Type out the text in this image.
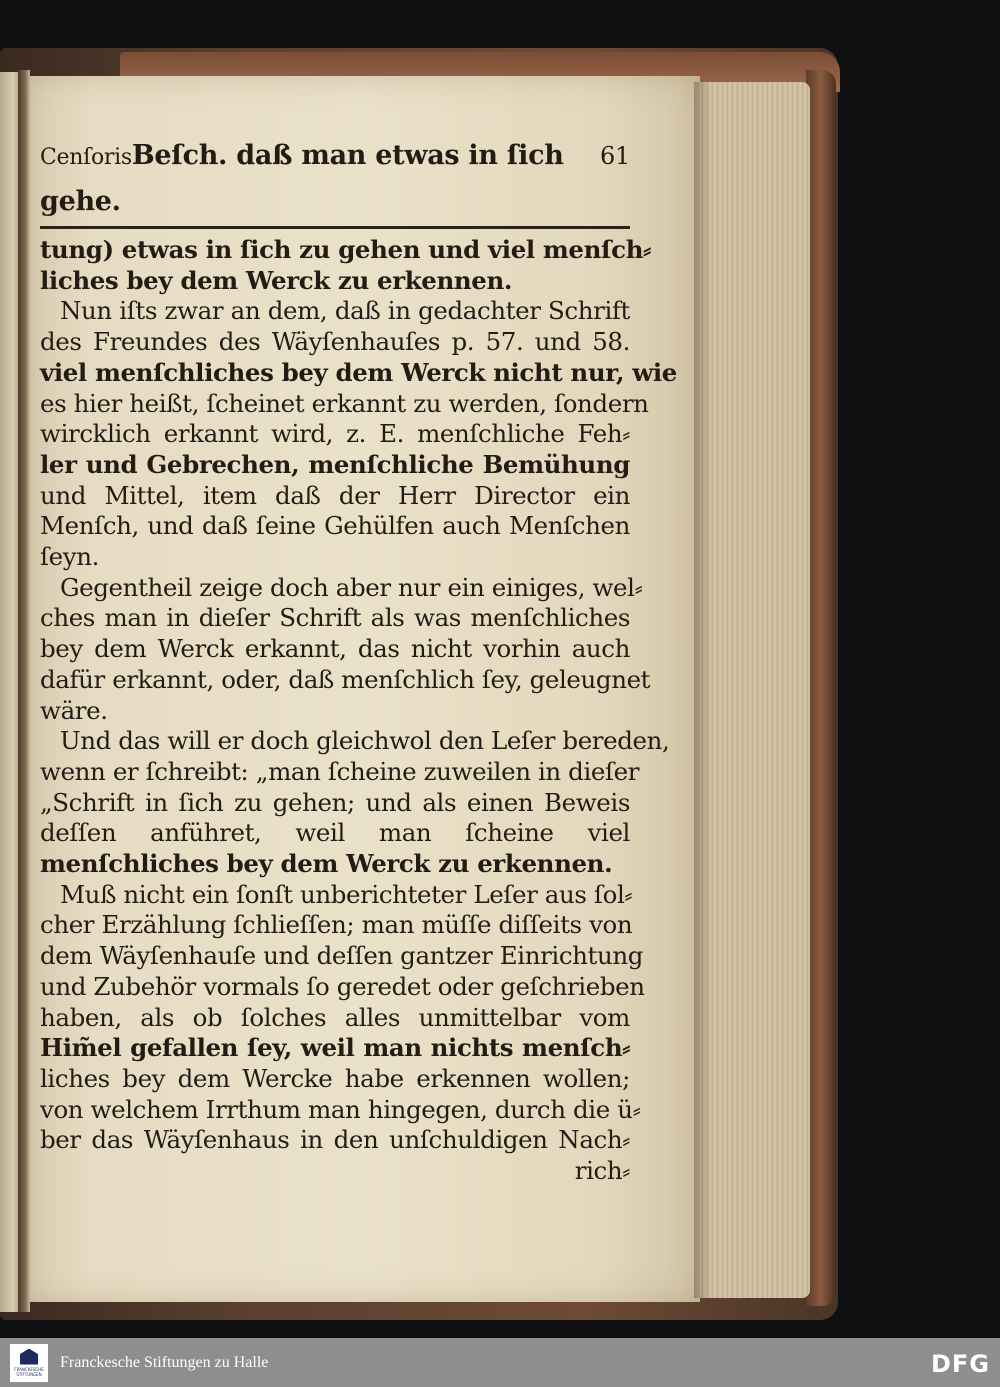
CenſorisBeſch. daß man etwas in ſich gehe.
61
tung) etwas in ſich zu gehen und viel menſch⸗
liches bey dem Werck zu erkennen.
Nun iſts zwar an dem, daß in gedachter Schrift
des Freundes des Wäyſenhauſes p. 57. und 58.
viel menſchliches bey dem Werck nicht nur, wie
es hier heißt, ſcheinet erkannt zu werden, ſondern
wircklich erkannt wird, z. E. menſchliche Feh⸗
ler und Gebrechen, menſchliche Bemühung
und Mittel, item daß der Herr Director ein
Menſch, und daß ſeine Gehülfen auch Menſchen
ſeyn.
Gegentheil zeige doch aber nur ein einiges, wel⸗
ches man in dieſer Schrift als was menſchliches
bey dem Werck erkannt, das nicht vorhin auch
dafür erkannt, oder, daß menſchlich ſey, geleugnet
wäre.
Und das will er doch gleichwol den Leſer bereden,
wenn er ſchreibt: „man ſcheine zuweilen in dieſer
„Schrift in ſich zu gehen; und als einen Beweis
deſſen anführet, weil man ſcheine viel
menſchliches bey dem Werck zu erkennen.
Muß nicht ein ſonſt unberichteter Leſer aus ſol⸗
cher Erzählung ſchlieſſen; man müſſe diſſeits von
dem Wäyſenhauſe und deſſen gantzer Einrichtung
und Zubehör vormals ſo geredet oder geſchrieben
haben, als ob ſolches alles unmittelbar vom
Him̃el gefallen ſey, weil man nichts menſch⸗
liches bey dem Wercke habe erkennen wollen;
von welchem Irrthum man hingegen, durch die ü⸗
ber das Wäyſenhaus in den unſchuldigen Nach⸗
rich⸗
FRANCKESCHE STIFTUNGEN
Franckesche Stiftungen zu Halle	DFG
